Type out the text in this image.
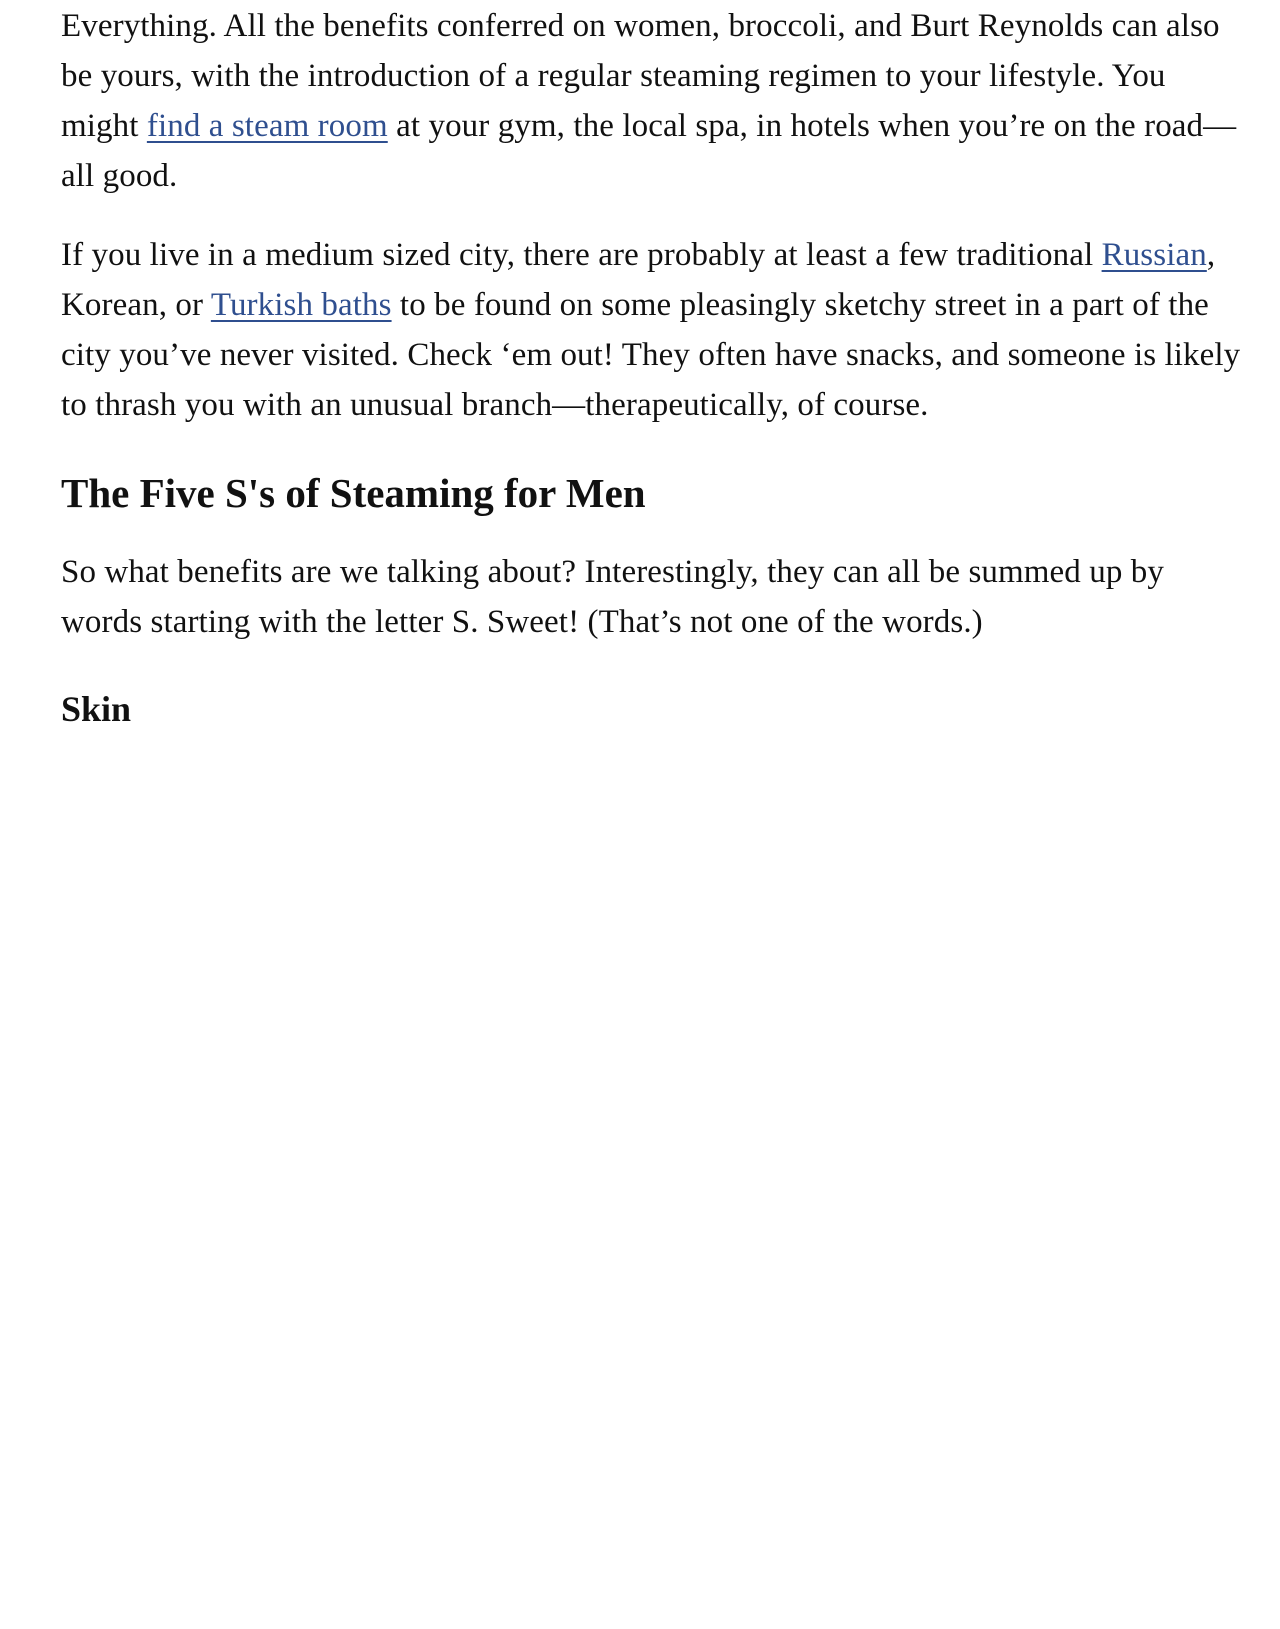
Everything. All the benefits conferred on women, broccoli, and Burt Reynolds can also be yours, with the introduction of a regular steaming regimen to your lifestyle. You might find a steam room at your gym, the local spa, in hotels when you’re on the road—all good.

If you live in a medium sized city, there are probably at least a few traditional Russian, Korean, or Turkish baths to be found on some pleasingly sketchy street in a part of the city you’ve never visited. Check ‘em out! They often have snacks, and someone is likely to thrash you with an unusual branch—therapeutically, of course.

The Five S's of Steaming for Men

So what benefits are we talking about? Interestingly, they can all be summed up by words starting with the letter S. Sweet! (That’s not one of the words.)

Skin
